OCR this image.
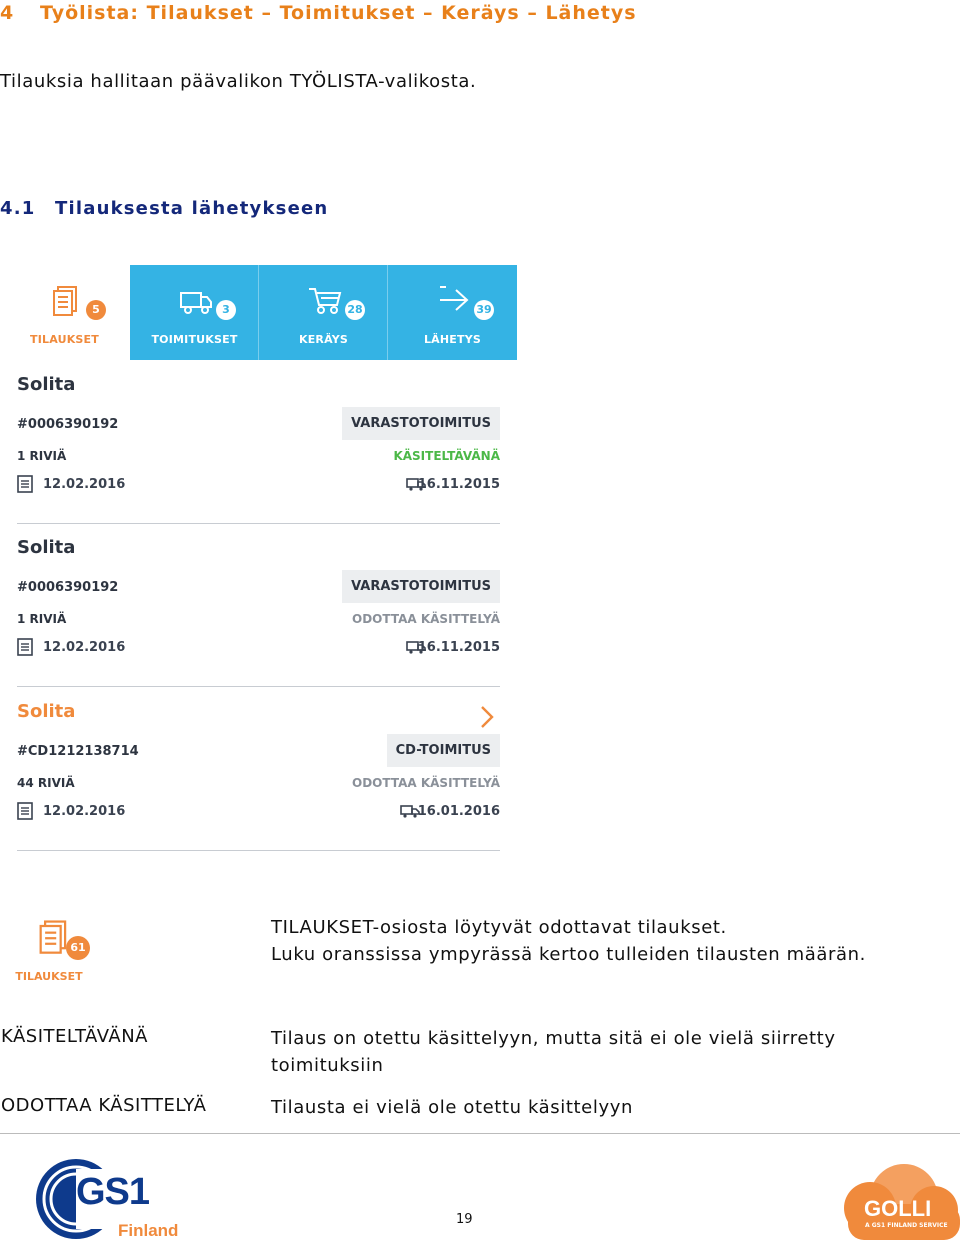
4 Työlista: Tilaukset – Toimitukset – Keräys – Lähetys
Tilauksia hallitaan päävalikon TYÖLISTA-valikosta.
4.1 Tilauksesta lähetykseen
5
TILAUKSET
3
TOIMITUKSET
28
KERÄYS
39
LÄHETYS
Solita
#0006390192
1 RIVIÄ
12.02.2016
VARASTOTOIMITUS
KÄSITELTÄVÄNÄ
16.11.2015
Solita
#0006390192
1 RIVIÄ
12.02.2016
VARASTOTOIMITUS
ODOTTAA KÄSITTELYÄ
16.11.2015
Solita
#CD1212138714
44 RIVIÄ
12.02.2016
CD-TOIMITUS
ODOTTAA KÄSITTELYÄ
16.01.2016
61
TILAUKSET
TILAUKSET-osiosta löytyvät odottavat tilaukset.
Luku oranssissa ympyrässä kertoo tulleiden tilausten määrän.
KÄSITELTÄVÄNÄ	Tilaus on otettu käsittelyyn, mutta sitä ei ole vielä siirretty toimituksiin
ODOTTAA KÄSITTELYÄ	Tilausta ei vielä ole otettu käsittelyyn
GS1
Finland
19	GOLLI
A GS1 FINLAND SERVICE
